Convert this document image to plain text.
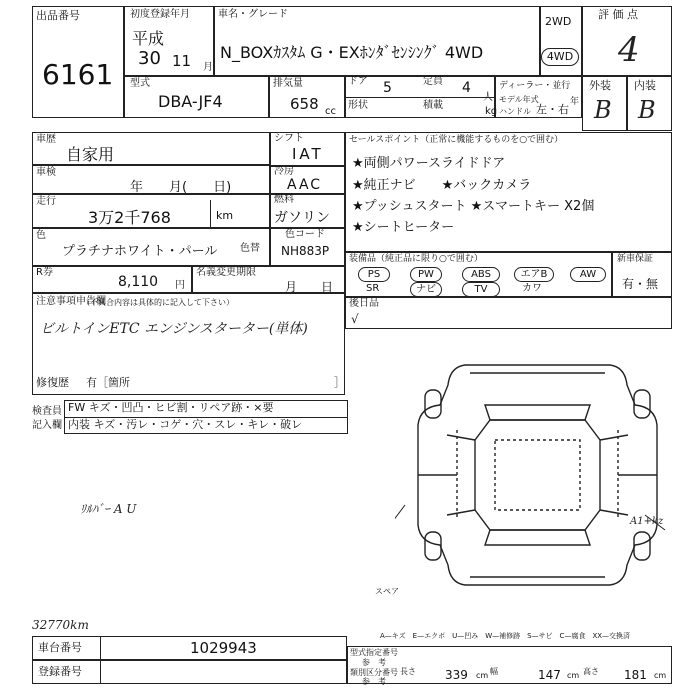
出品番号
6161
初度登録年月
平成
30 11 月
車名・グレード
N_BOXｶｽﾀﾑ G・EXﾎﾝﾀﾞｾﾝｼﾝｸﾞ 4WD
2WD
4WD
評 価 点
4
型式
DBA-JF4
排気量
658 cc
ドア 5	定員 4
人
形状	積載
kg
ディーラー・並行
モデル年式	年
ハンドル 左・右
外装 内装
B B
車歴
自家用
車検
年　　月(　　日)
走行
3万2千768	km
色
プラチナホワイト・パール 色替
R券
8,110 円
名義変更期限
月　　日
シフト
IAT
冷房
AAC
燃料
ガソリン
色コード
NH883P
セールスポイント（正常に機能するものを○で囲む）
★両側パワースライドドア
★純正ナビ　　★バックカメラ
★プッシュスタート ★スマートキー X2個
★シートヒーター
装備品（純正品に限り○で囲む）
PS	PW	ABS	エアB	AW
SR	ナビ	TV	カワ
新車保証
有・無
注意事項申告欄
（不具合内容は具体的に記入して下さい）
ビルトインETC エンジンスターター(単体)
修復歴 有［箇所	］
後日品
√
検査員
記入欄
FW キズ・凹凸・ヒビ割・リペア跡・×要
内装 キズ・汚レ・コゲ・穴・スレ・キレ・破レ
ﾘﾙﾊﾞｰ A U
32770km
A1+kz
スペア
A—キズ　E—エクボ　U—凹み　W—補修跡　S—サビ　C—腐食　XX—交換済
車台番号	1029943
登録番号
型式指定番号
参　考
類別区分番号
参　考
長さ 339 cm 幅	147 cm 高さ 181 cm
